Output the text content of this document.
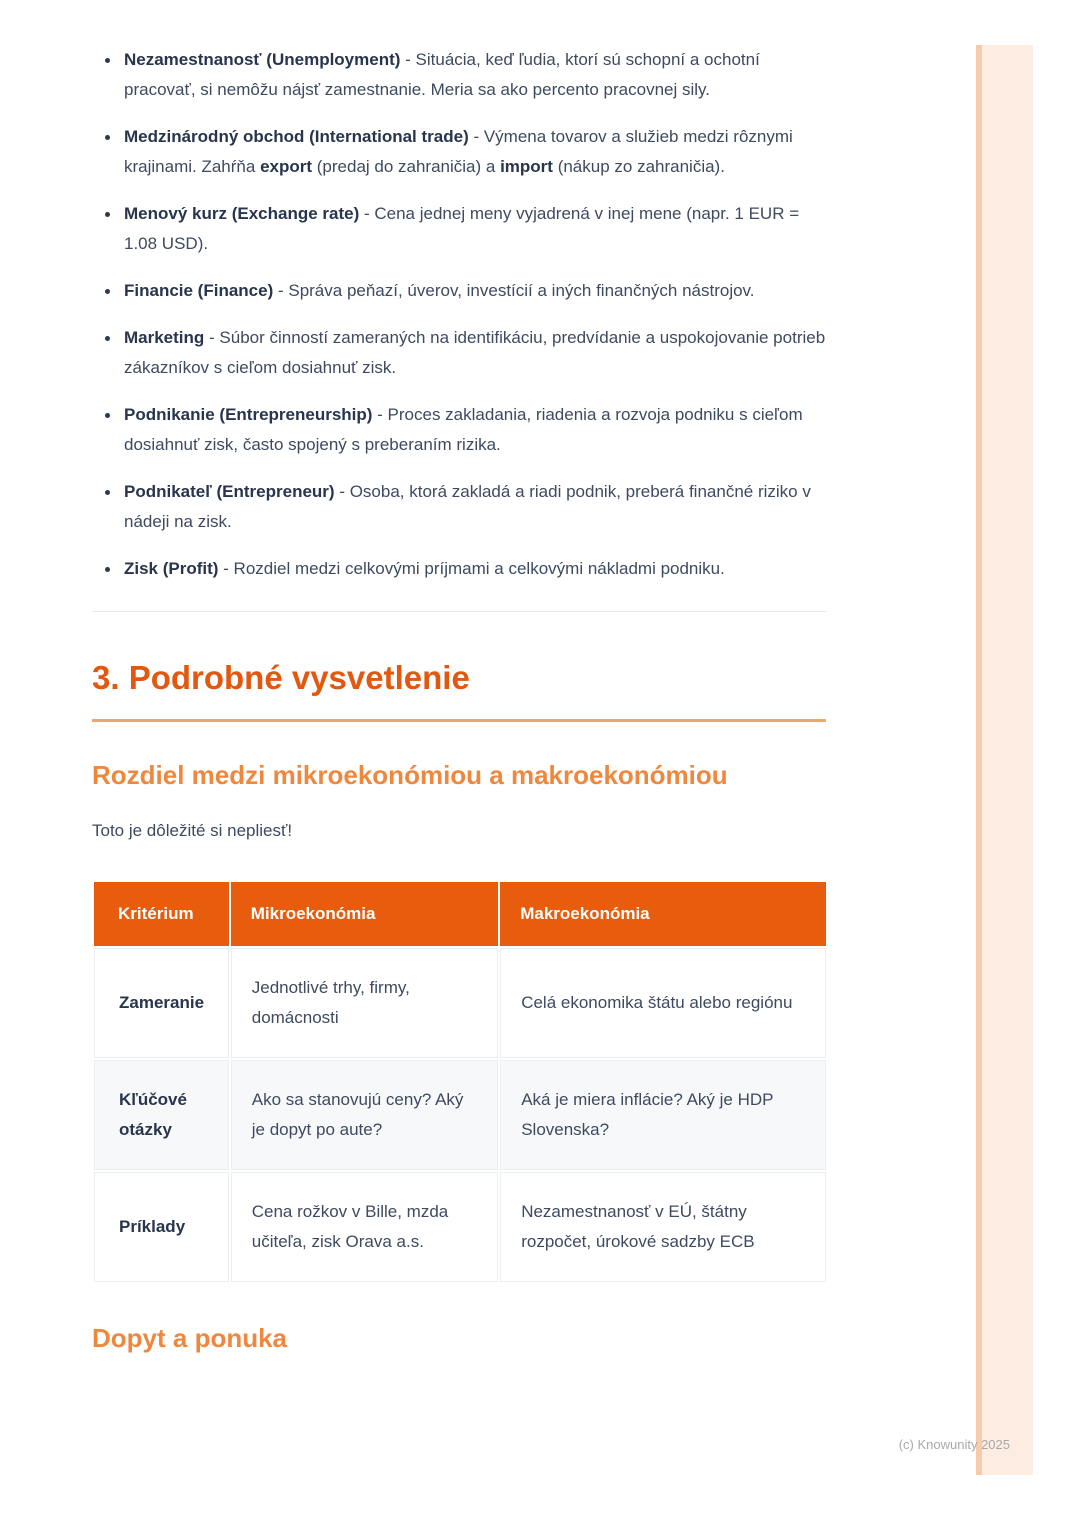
Nezamestnanosť (Unemployment) - Situácia, keď ľudia, ktorí sú schopní a ochotní pracovať, si nemôžu nájsť zamestnanie. Meria sa ako percento pracovnej sily.
Medzinárodný obchod (International trade) - Výmena tovarov a služieb medzi rôznymi krajinami. Zahŕňa export (predaj do zahraničia) a import (nákup zo zahraničia).
Menový kurz (Exchange rate) - Cena jednej meny vyjadrená v inej mene (napr. 1 EUR = 1.08 USD).
Financie (Finance) - Správa peňazí, úverov, investícií a iných finančných nástrojov.
Marketing - Súbor činností zameraných na identifikáciu, predvídanie a uspokojovanie potrieb zákazníkov s cieľom dosiahnuť zisk.
Podnikanie (Entrepreneurship) - Proces zakladania, riadenia a rozvoja podniku s cieľom dosiahnuť zisk, často spojený s preberaním rizika.
Podnikateľ (Entrepreneur) - Osoba, ktorá zakladá a riadi podnik, preberá finančné riziko v nádeji na zisk.
Zisk (Profit) - Rozdiel medzi celkovými príjmami a celkovými nákladmi podniku.
3. Podrobné vysvetlenie
Rozdiel medzi mikroekonómiou a makroekonómiou

Toto je dôležité si nepliesť!

Kritérium	Mikroekonómia	Makroekonómia
Zameranie	Jednotlivé trhy, firmy, domácnosti	Celá ekonomika štátu alebo regiónu
Kľúčové otázky	Ako sa stanovujú ceny? Aký je dopyt po aute?	Aká je miera inflácie? Aký je HDP Slovenska?
Príklady	Cena rožkov v Bille, mzda učiteľa, zisk Orava a.s.	Nezamestnanosť v EÚ, štátny rozpočet, úrokové sadzby ECB
Dopyt a ponuka
(c) Knowunity 2025
